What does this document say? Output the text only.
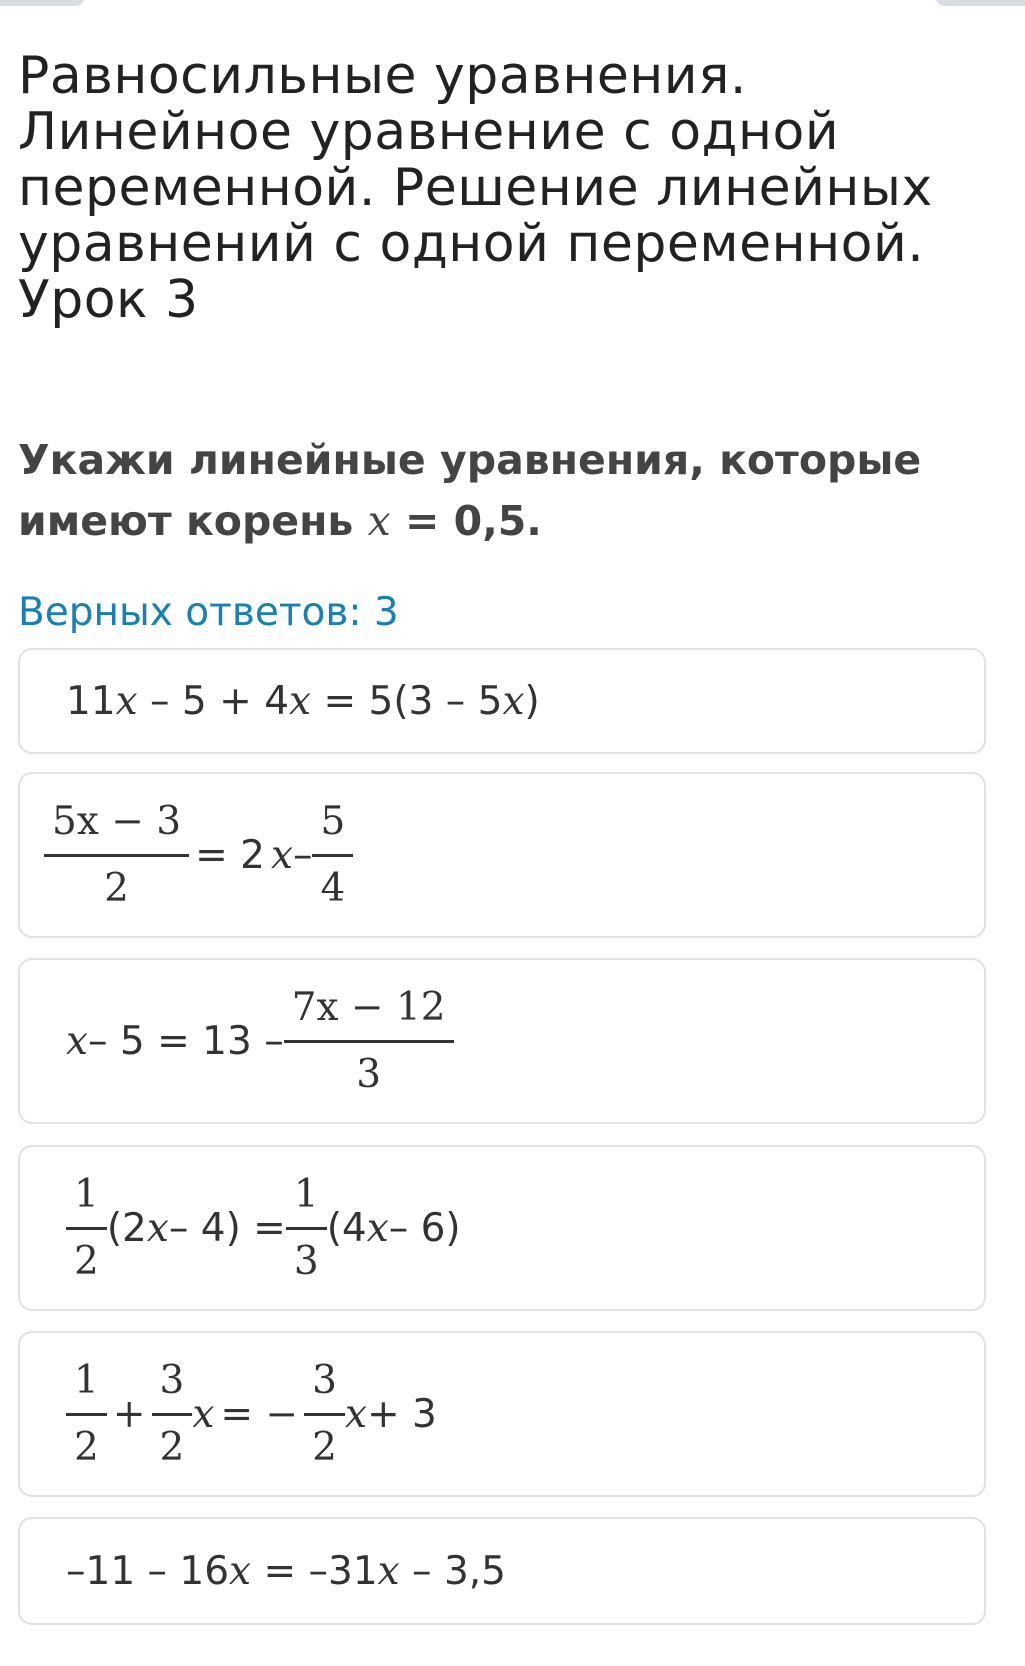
Равносильные уравнения. Линейное уравнение с одной переменной. Решение линейных уравнений с одной переменной. Урок 3
Укажи линейные уравнения, которые имеют корень x = 0,5.
Верных ответов: 3
11x – 5 + 4x = 5(3 – 5x)
$\frac{5x - 3}{2} = 2$ x – $\frac{5}{4}$
$x - 5 = 13 - \frac{7x - 12}{3}$
$\frac{1}{2} (2$ $x - 4) = \frac{1}{3} (4$ x – 6)
$\frac{1}{2} + \frac{3}{2}$ x = − $\frac{3}{2}$ x + 3
–11 – 16x = –31x – 3,5
